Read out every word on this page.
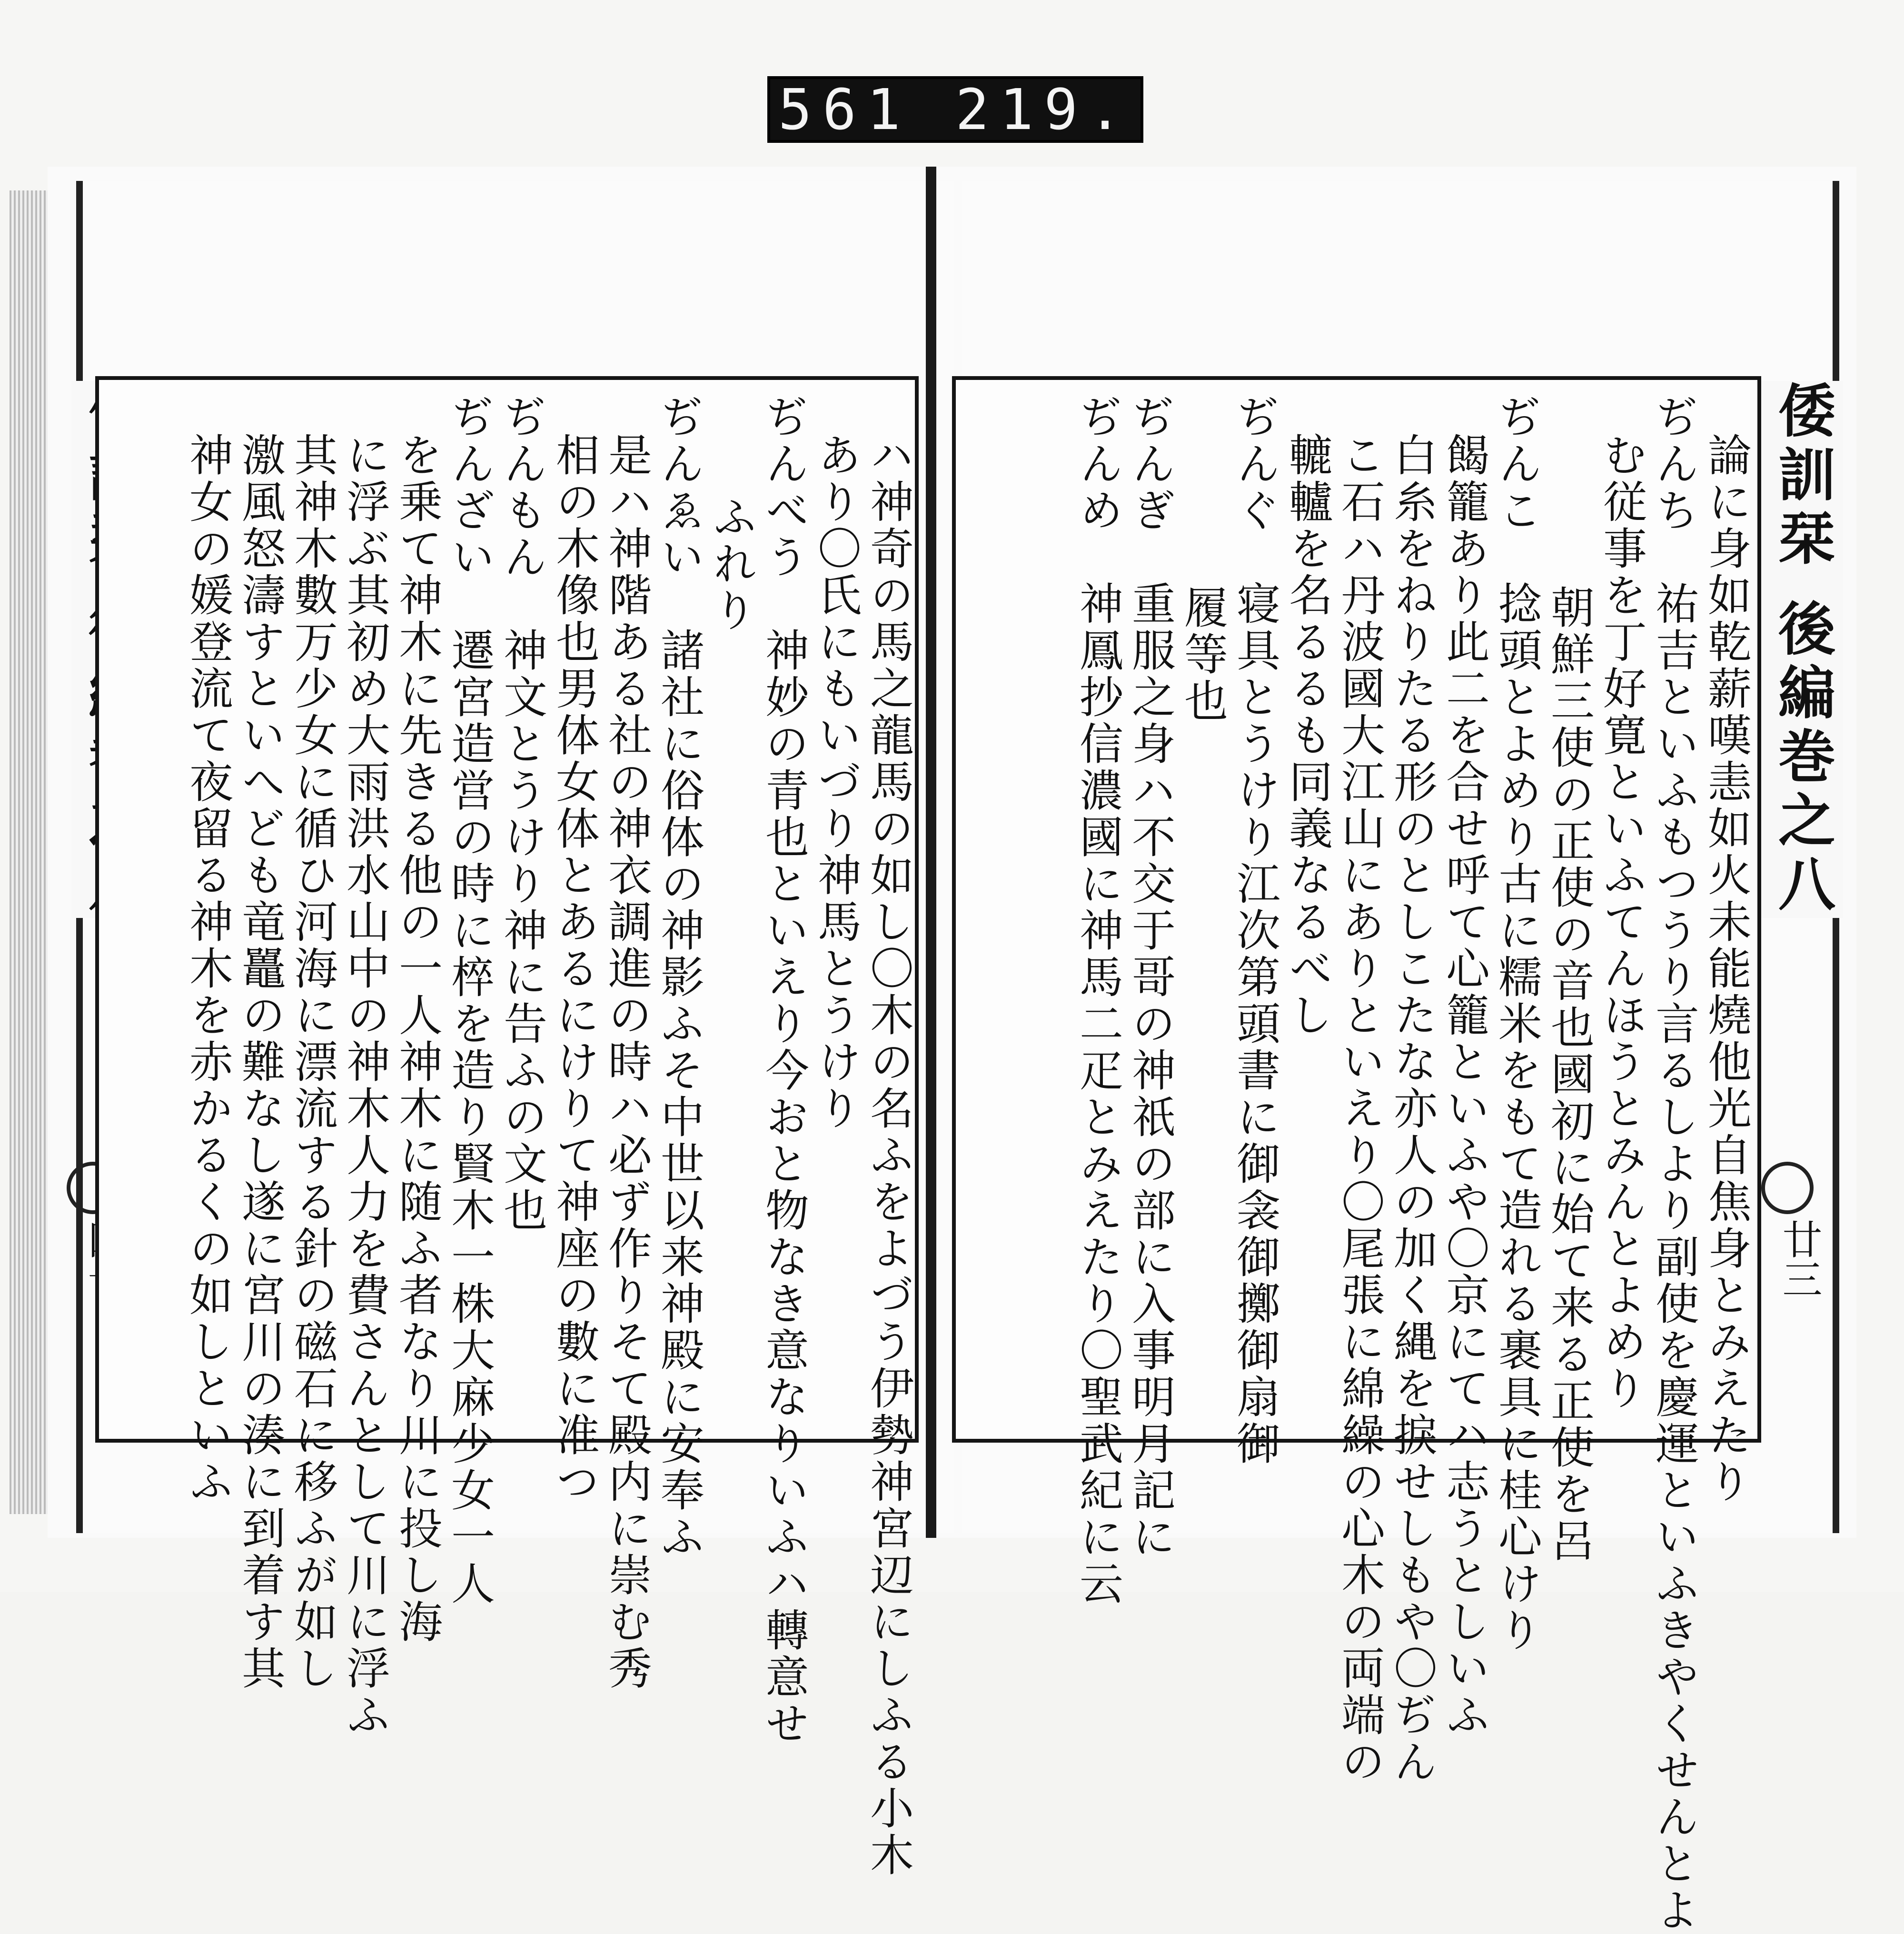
561 219.
ハ神奇の馬之龍馬の如し〇木の名ふをよづう伊勢神宮辺にしふる小木
あり〇氏にもいづり神馬とうけり
ぢんべう　神妙の青也といえり今おと物なき意なりいふハ轉意せ
ふれり
ぢんゑい　諸社に俗体の神影ふそ中世以来神殿に安奉ふ
是ハ神階ある社の神衣調進の時ハ必ず作りそて殿内に崇む秀
相の木像也男体女体とあるにけりて神座の數に准つ
ぢんもん　神文とうけり神に告ふの文也
ぢんざい　遷宮造営の時に椊を造り賢木一株大麻少女一人
を乗て神木に先きる他の一人神木に随ふ者なり川に投し海
に浮ぶ其初め大雨洪水山中の神木人力を費さんとして川に浮ふ
其神木數万少女に循ひ河海に漂流する針の磁石に移ふが如し
激風怒濤すといへども竜鼉の難なし遂に宮川の湊に到着す其
神女の媛登流て夜留る神木を赤かるくの如しといふ	倭訓栞 後編巻之八
廿三
論に身如乾薪嘆恚如火未能燒他光自焦身とみえたり
ぢんち　祐吉といふもつうり言るしより副使を慶運といふきやくせんとよ
む従事を丁好寛といふてんほうとみんとよめり
朝鮮三使の正使の音也國初に始て来る正使を呂
ぢんこ　捻頭とよめり古に糯米をもて造れる裹具に桂心けり
餲籠あり此二を合せ呼て心籠といふや〇京にてハ志うとしいふ
白糸をねりたる形のとしこたな亦人の加く縄を捩せしもや〇ぢん
こ石ハ丹波國大江山にありといえり〇尾張に綿繰の心木の両端の
轆轤を名るるも同義なるべし
ぢんぐ　寝具とうけり江次第頭書に御衾御擲御扇御
履等也
ぢんぎ　重服之身ハ不交于哥の神祇の部に入事明月記に
ぢんめ　神鳳抄信濃國に神馬二疋とみえたり〇聖武紀に云
